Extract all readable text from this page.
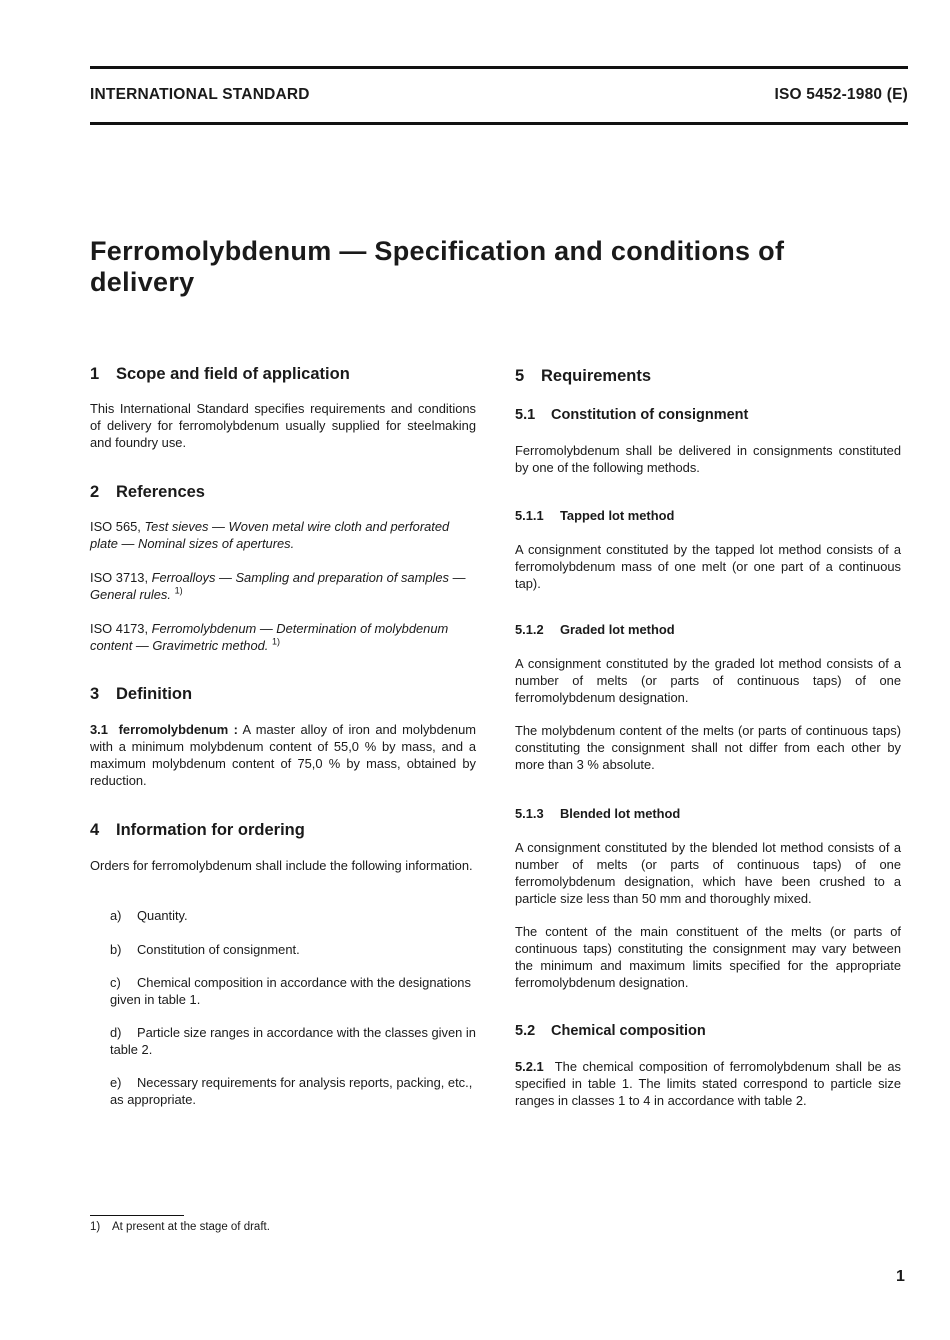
INTERNATIONAL STANDARD	ISO 5452-1980 (E)
Ferromolybdenum — Specification and conditions of delivery
1 Scope and field of application
This International Standard specifies requirements and conditions of delivery for ferromolybdenum usually supplied for steelmaking and foundry use.
2 References
ISO 565, Test sieves — Woven metal wire cloth and perforated plate — Nominal sizes of apertures.
ISO 3713, Ferroalloys — Sampling and preparation of samples — General rules. $^{1)}$
ISO 4173, Ferromolybdenum — Determination of molybdenum content — Gravimetric method. $^{1)}$
3 Definition
3.1 ferromolybdenum : A master alloy of iron and molybdenum with a minimum molybdenum content of 55,0 % by mass, and a maximum molybdenum content of 75,0 % by mass, obtained by reduction.
4 Information for ordering
Orders for ferromolybdenum shall include the following information.
a) Quantity.
b) Constitution of consignment.
c) Chemical composition in accordance with the designations given in table 1.
d) Particle size ranges in accordance with the classes given in table 2.
e) Necessary requirements for analysis reports, packing, etc., as appropriate.
5 Requirements
5.1 Constitution of consignment
Ferromolybdenum shall be delivered in consignments constituted by one of the following methods.
5.1.1 Tapped lot method
A consignment constituted by the tapped lot method consists of a ferromolybdenum mass of one melt (or one part of a continuous tap).
5.1.2 Graded lot method
A consignment constituted by the graded lot method consists of a number of melts (or parts of continuous taps) of one ferromolybdenum designation.
The molybdenum content of the melts (or parts of continuous taps) constituting the consignment shall not differ from each other by more than 3 % absolute.
5.1.3 Blended lot method
A consignment constituted by the blended lot method consists of a number of melts (or parts of continuous taps) of one ferromolybdenum designation, which have been crushed to a particle size less than 50 mm and thoroughly mixed.
The content of the main constituent of the melts (or parts of continuous taps) constituting the consignment may vary between the minimum and maximum limits specified for the appropriate ferromolybdenum designation.
5.2 Chemical composition
5.2.1 The chemical composition of ferromolybdenum shall be as specified in table 1. The limits stated correspond to particle size ranges in classes 1 to 4 in accordance with table 2.
1) At present at the stage of draft.
1
